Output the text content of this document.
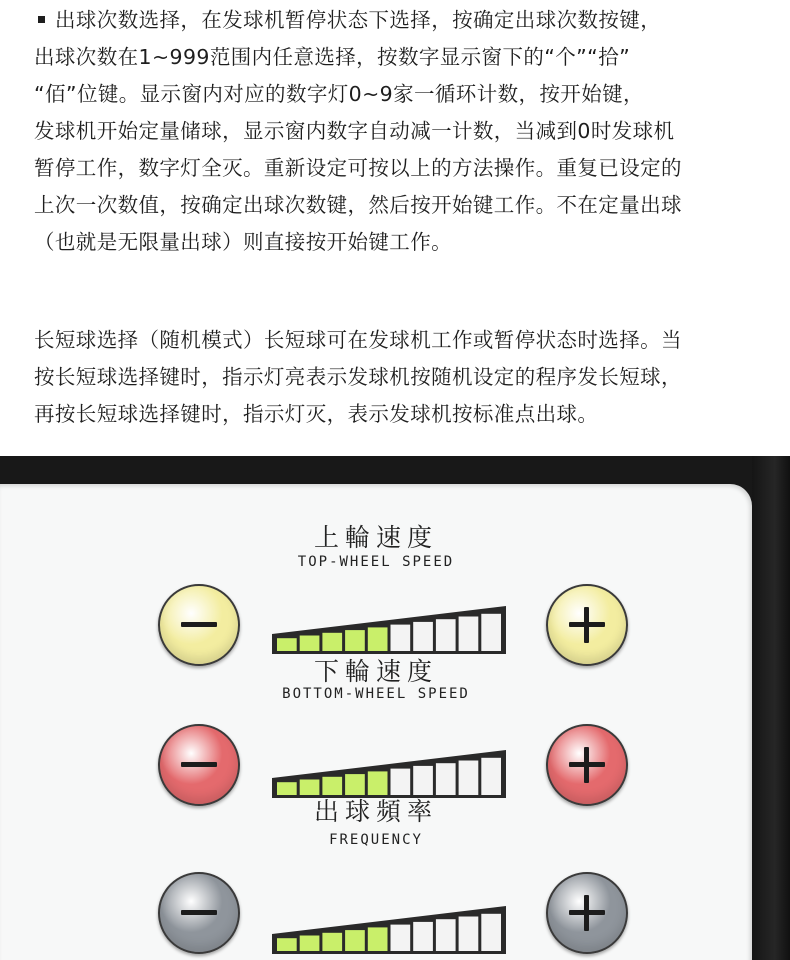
出球次数选择，在发球机暂停状态下选择，按确定出球次数按键，

出球次数在1~999范围内任意选择，按数字显示窗下的“个”“拾”

“佰”位键。显示窗内对应的数字灯0~9家一循环计数，按开始键，

发球机开始定量储球，显示窗内数字自动减一计数，当减到0时发球机

暂停工作，数字灯全灭。重新设定可按以上的方法操作。重复已设定的

上次一次数值，按确定出球次数键，然后按开始键工作。不在定量出球

（也就是无限量出球）则直接按开始键工作。

长短球选择（随机模式）长短球可在发球机工作或暂停状态时选择。当

按长短球选择键时，指示灯亮表示发球机按随机设定的程序发长短球，

再按长短球选择键时，指示灯灭，表示发球机按标准点出球。

上輪速度
TOP-WHEEL SPEED
下輪速度
BOTTOM-WHEEL SPEED
出球頻率
FREQUENCY
